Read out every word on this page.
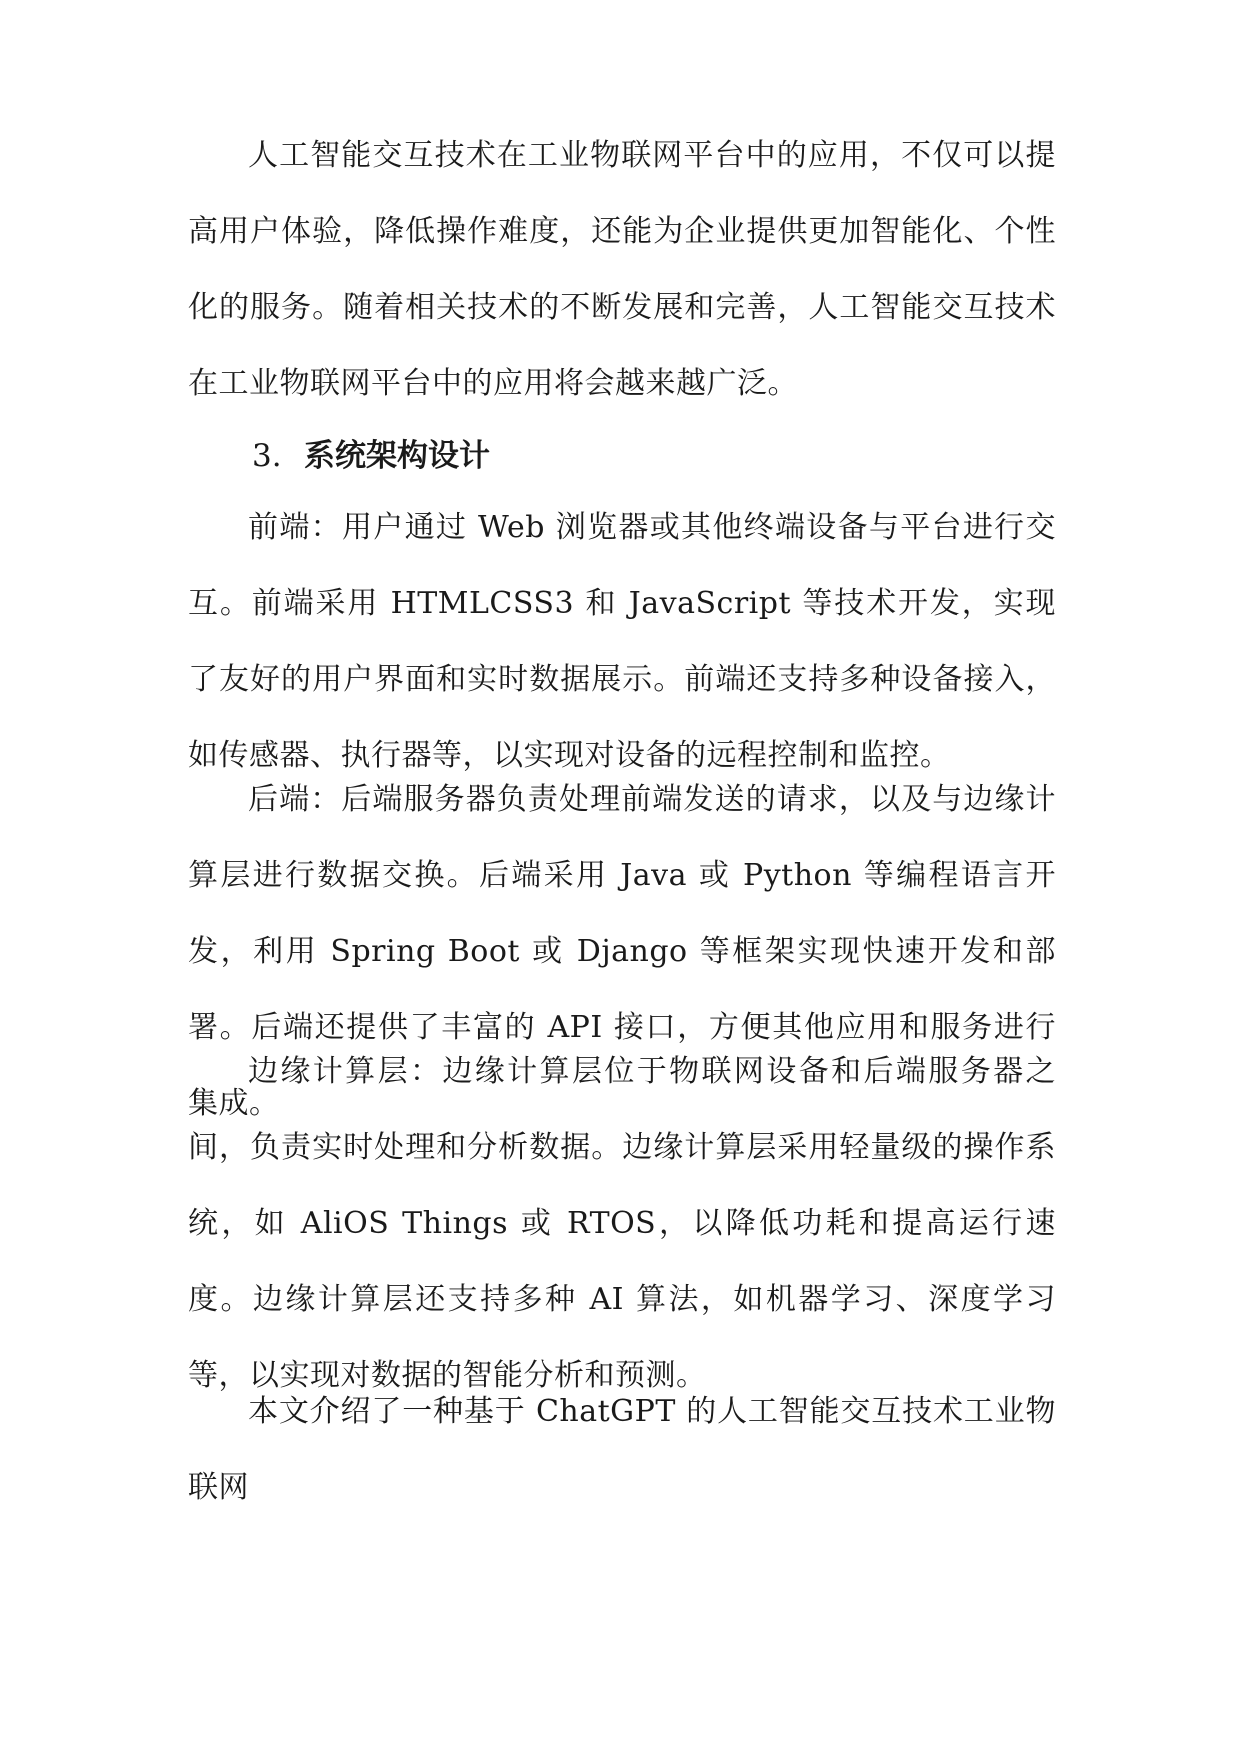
人工智能交互技术在工业物联网平台中的应用，不仅可以提高用户体验，降低操作难度，还能为企业提供更加智能化、个性化的服务。随着相关技术的不断发展和完善，人工智能交互技术在工业物联网平台中的应用将会越来越广泛。

3. 系统架构设计

前端：用户通过 Web 浏览器或其他终端设备与平台进行交互。前端采用 HTMLCSS3 和 JavaScript 等技术开发，实现了友好的用户界面和实时数据展示。前端还支持多种设备接入，如传感器、执行器等，以实现对设备的远程控制和监控。

后端：后端服务器负责处理前端发送的请求，以及与边缘计算层进行数据交换。后端采用 Java 或 Python 等编程语言开发，利用 Spring Boot 或 Django 等框架实现快速开发和部署。后端还提供了丰富的 API 接口，方便其他应用和服务进行集成。

边缘计算层：边缘计算层位于物联网设备和后端服务器之间，负责实时处理和分析数据。边缘计算层采用轻量级的操作系统，如 AliOS Things 或 RTOS，以降低功耗和提高运行速度。边缘计算层还支持多种 AI 算法，如机器学习、深度学习等，以实现对数据的智能分析和预测。

本文介绍了一种基于 ChatGPT 的人工智能交互技术工业物联网
